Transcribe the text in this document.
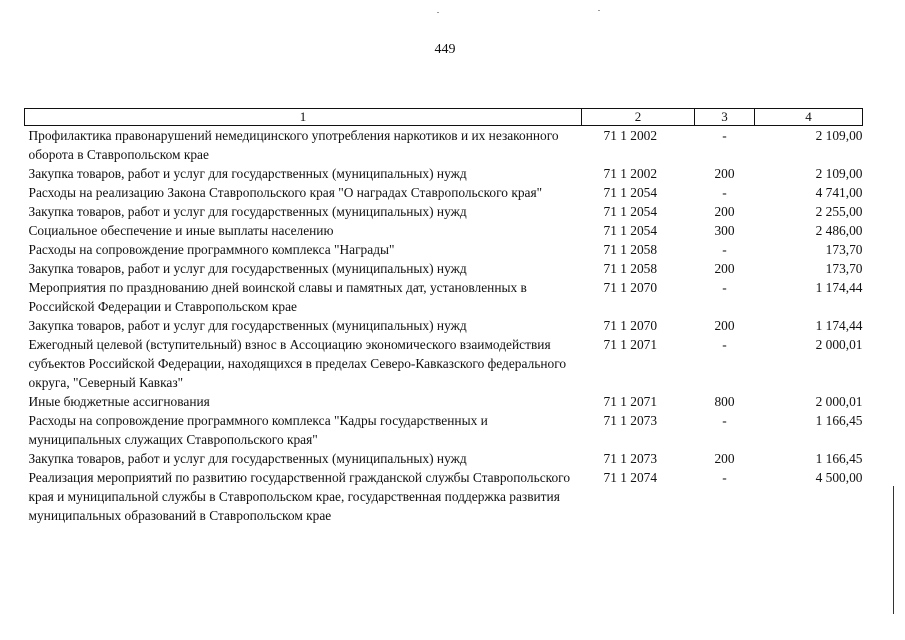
449
1	2	3	4
Профилактика правонарушений немедицинского употребления наркотиков и их незаконного оборота в Ставропольском крае	71 1 2002	-	2 109,00
Закупка товаров, работ и услуг для государственных (муниципальных) нужд	71 1 2002	200	2 109,00
Расходы на реализацию Закона Ставропольского края "О наградах Ставропольского края"	71 1 2054	-	4 741,00
Закупка товаров, работ и услуг для государственных (муниципальных) нужд	71 1 2054	200	2 255,00
Социальное обеспечение и иные выплаты населению	71 1 2054	300	2 486,00
Расходы на сопровождение программного комплекса "Награды"	71 1 2058	-	173,70
Закупка товаров, работ и услуг для государственных (муниципальных) нужд	71 1 2058	200	173,70
Мероприятия по празднованию дней воинской славы и памятных дат, установленных в Российской Федерации и Ставропольском крае	71 1 2070	-	1 174,44
Закупка товаров, работ и услуг для государственных (муниципальных) нужд	71 1 2070	200	1 174,44
Ежегодный целевой (вступительный) взнос в Ассоциацию экономического взаимодействия субъектов Российской Федерации, находящихся в пределах Северо-Кавказского федерального округа, "Северный Кавказ"	71 1 2071	-	2 000,01
Иные бюджетные ассигнования	71 1 2071	800	2 000,01
Расходы на сопровождение программного комплекса "Кадры государственных и муниципальных служащих Ставропольского края"	71 1 2073	-	1 166,45
Закупка товаров, работ и услуг для государственных (муниципальных) нужд	71 1 2073	200	1 166,45
Реализация мероприятий по развитию государственной гражданской службы Ставропольского края и муниципальной службы в Ставропольском крае, государственная поддержка развития муниципальных образований в Ставропольском крае	71 1 2074	-	4 500,00
